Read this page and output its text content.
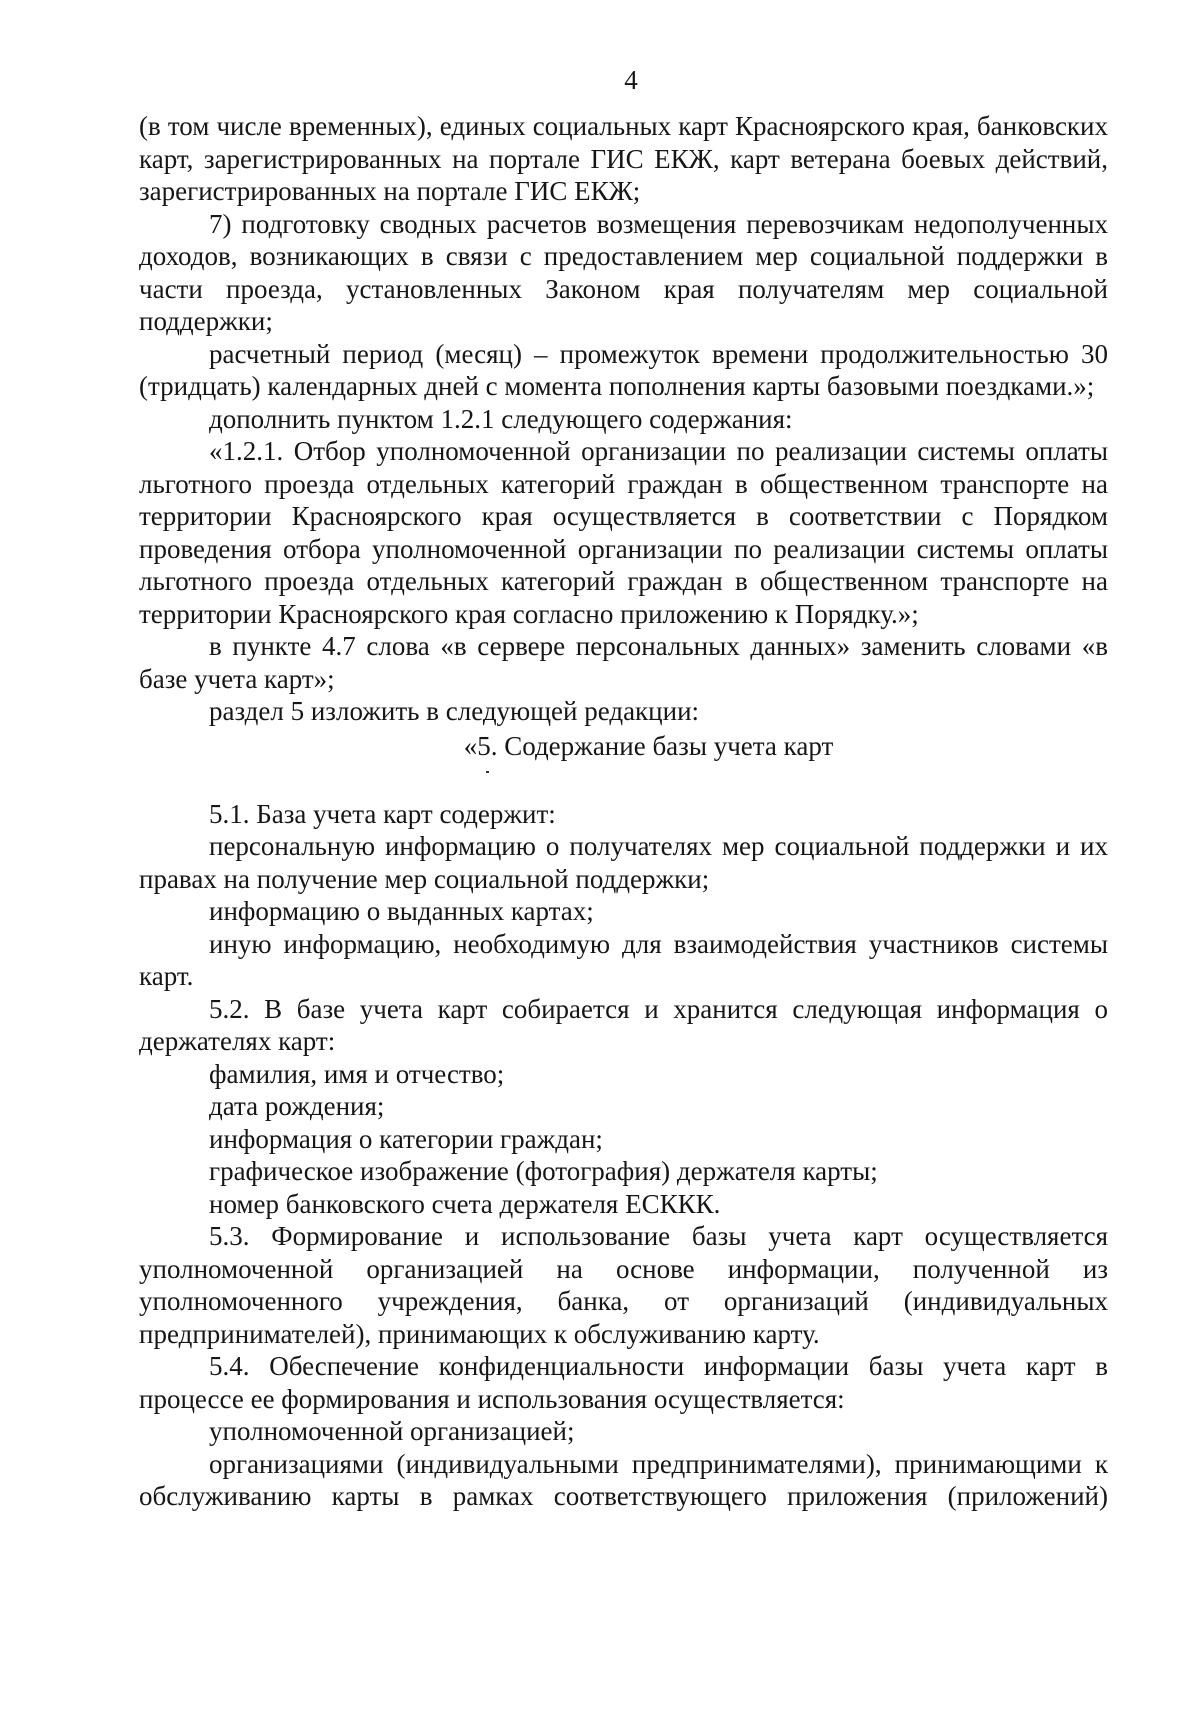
4

(в том числе временных), единых социальных карт Красноярского края, банковских карт, зарегистрированных на портале ГИС ЕКЖ, карт ветерана боевых действий, зарегистрированных на портале ГИС ЕКЖ;

7) подготовку сводных расчетов возмещения перевозчикам недополученных доходов, возникающих в связи с предоставлением мер социальной поддержки в части проезда, установленных Законом края получателям мер социальной поддержки;

расчетный период (месяц) – промежуток времени продолжительностью 30 (тридцать) календарных дней с момента пополнения карты базовыми поездками.»;

дополнить пунктом 1.2.1 следующего содержания:

«1.2.1. Отбор уполномоченной организации по реализации системы оплаты льготного проезда отдельных категорий граждан в общественном транспорте на территории Красноярского края осуществляется в соответствии с Порядком проведения отбора уполномоченной организации по реализации системы оплаты льготного проезда отдельных категорий граждан в общественном транспорте на территории Красноярского края согласно приложению к Порядку.»;

в пункте 4.7 слова «в сервере персональных данных» заменить словами «в базе учета карт»;

раздел 5 изложить в следующей редакции:

«5. Содержание базы учета карт

5.1. База учета карт содержит:

персональную информацию о получателях мер социальной поддержки и их правах на получение мер социальной поддержки;

информацию о выданных картах;

иную информацию, необходимую для взаимодействия участников системы карт.

5.2. В базе учета карт собирается и хранится следующая информация о держателях карт:

фамилия, имя и отчество;

дата рождения;

информация о категории граждан;

графическое изображение (фотография) держателя карты;

номер банковского счета держателя ЕСККК.

5.3. Формирование и использование базы учета карт осуществляется уполномоченной организацией на основе информации, полученной из уполномоченного учреждения, банка, от организаций (индивидуальных предпринимателей), принимающих к обслуживанию карту.

5.4. Обеспечение конфиденциальности информации базы учета карт в процессе ее формирования и использования осуществляется:

уполномоченной организацией;

организациями (индивидуальными предпринимателями), принимающими к обслуживанию карты в рамках соответствующего приложения (приложений)
